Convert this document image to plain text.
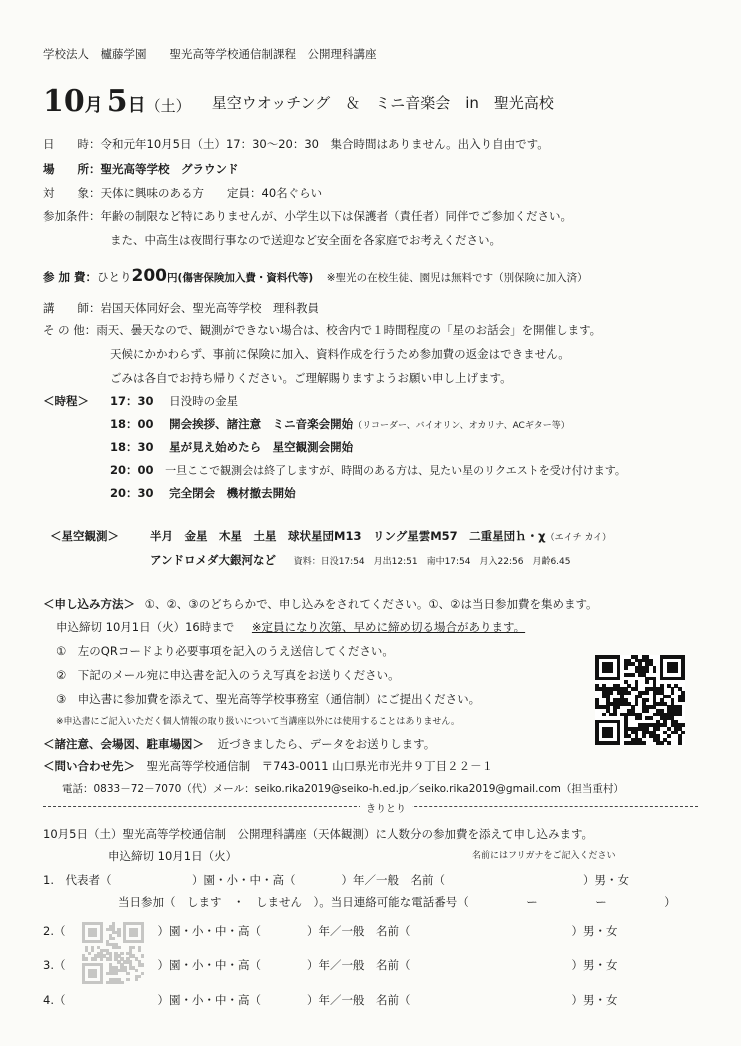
学校法人　櫨藤学園　　聖光高等学校通信制課程　公開理科講座
10月 5日（土） 星空ウオッチング　＆　ミニ音楽会　in　聖光高校
日　　時：令和元年10月5日（土）17：30〜20：30　集合時間はありません。出入り自由です。
場　　所：聖光高等学校　グラウンド
対　　象：天体に興味のある方　　定員：40名ぐらい
参加条件：年齢の制限など特にありませんが、小学生以下は保護者（責任者）同伴でご参加ください。
また、中高生は夜間行事なので送迎など安全面を各家庭でお考えください。
参 加 費：ひとり200円(傷害保険加入費・資料代等) ※聖光の在校生徒、園児は無料です（別保険に加入済）
講　　師：岩国天体同好会、聖光高等学校　理科教員
そ の 他：雨天、曇天なので、観測ができない場合は、校舎内で１時間程度の「星のお話会」を開催します。
天候にかかわらず、事前に保険に加入、資料作成を行うため参加費の返金はできません。
ごみは各自でお持ち帰りください。ご理解賜りますようお願い申し上げます。
＜時程＞ 17：30 日没時の金星
18：00 開会挨拶、諸注意　ミニ音楽会開始（リコーダー、バイオリン、オカリナ、ACギター等）
18：30 星が見え始めたら　星空観測会開始
20：00 一旦ここで観測会は終了しますが、時間のある方は、見たい星のリクエストを受け付けます。
20：30 完全閉会　機材撤去開始
＜星空観測＞	半月　金星　木星　土星　球状星団M13　リング星雲M57　二重星団ｈ・χ（エイチ カイ）
アンドロメダ大銀河など 資料：日没17:54　月出12:51　南中17:54　月入22:56　月齢6.45
＜申し込み方法＞ ①、②、③のどちらかで、申し込みをされてください。①、②は当日参加費を集めます。
申込締切 10月1日（火）16時まで ※定員になり次第、早めに締め切る場合があります。
①　左のQRコードより必要事項を記入のうえ送信してください。
②　下記のメール宛に申込書を記入のうえ写真をお送りください。
③　申込書に参加費を添えて、聖光高等学校事務室（通信制）にご提出ください。
※申込書にご記入いただく個人情報の取り扱いについて当講座以外には使用することはありません。
＜諸注意、会場図、駐車場図＞ 近づきましたら、データをお送りします。
＜問い合わせ先＞ 聖光高等学校通信制　〒743-0011 山口県光市光井９丁目２２－１
電話：0833－72－7070（代）メール：seiko.rika2019@seiko-h.ed.jp／seiko.rika2019@gmail.com（担当重村）
きりとり
10月5日（土）聖光高等学校通信制　公開理科講座（天体観測）に人数分の参加費を添えて申し込みます。
申込締切 10月1日（火）	名前にはフリガナをご記入ください
1.　代表者（　　　　　　　）園・小・中・高（　　　　）年／一般　名前（　　　　　　　　　　　　）男・女
当日参加（　します　・　しません　）。当日連絡可能な電話番号（　　　　　ー　　　　　ー　　　　　）
2.（　　　　　　　　）園・小・中・高（　　　　）年／一般　名前（　　　　　　　　　　　　　　）男・女
3.（　　　　　　　　）園・小・中・高（　　　　）年／一般　名前（　　　　　　　　　　　　　　）男・女
4.（　　　　　　　　）園・小・中・高（　　　　）年／一般　名前（　　　　　　　　　　　　　　）男・女
